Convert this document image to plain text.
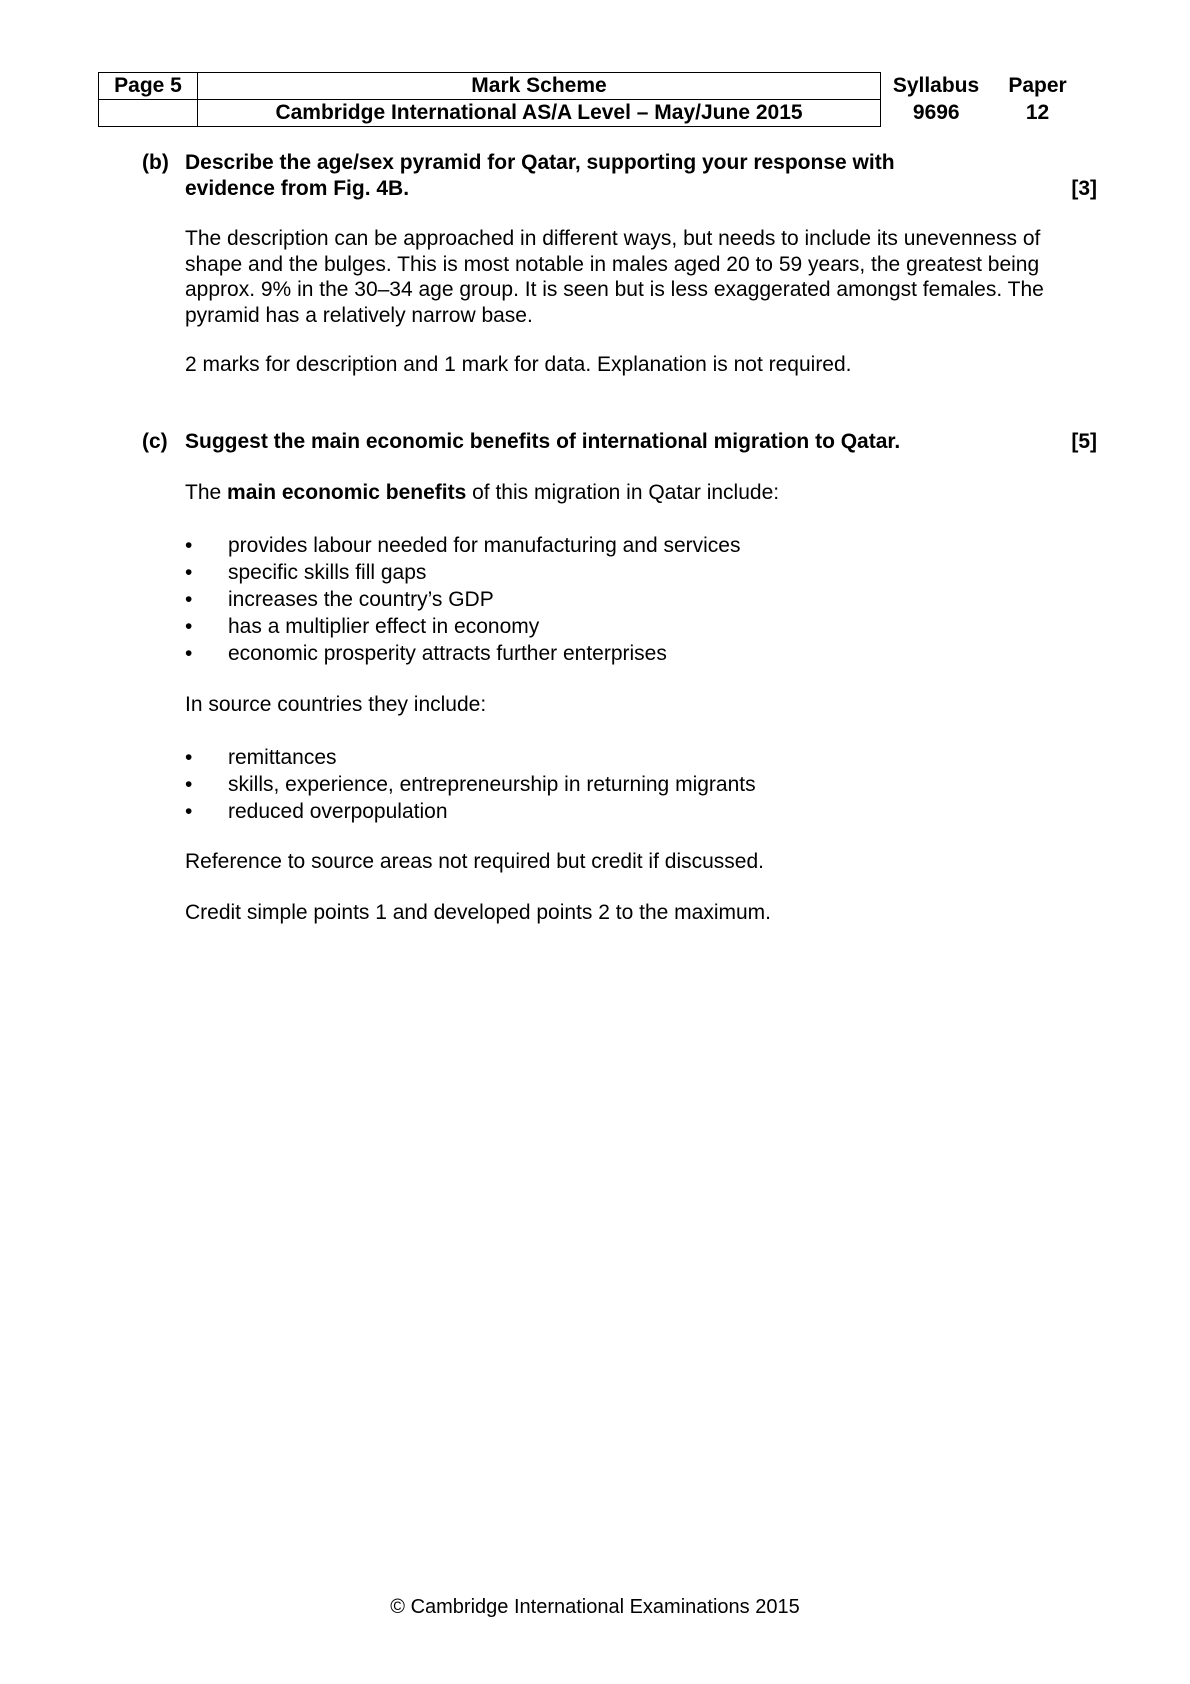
Page 5	Mark Scheme	Syllabus	Paper
	Cambridge International AS/A Level – May/June 2015	9696	12
(b) Describe the age/sex pyramid for Qatar, supporting your response with
evidence from Fig. 4B.	[3]
The description can be approached in different ways, but needs to include its unevenness of shape and the bulges. This is most notable in males aged 20 to 59 years, the greatest being approx. 9% in the 30–34 age group. It is seen but is less exaggerated amongst females. The pyramid has a relatively narrow base.
2 marks for description and 1 mark for data. Explanation is not required.
(c) Suggest the main economic benefits of international migration to Qatar.	[5]
The main economic benefits of this migration in Qatar include:
• provides labour needed for manufacturing and services
• specific skills fill gaps
• increases the country’s GDP
• has a multiplier effect in economy
• economic prosperity attracts further enterprises
In source countries they include:
• remittances
• skills, experience, entrepreneurship in returning migrants
• reduced overpopulation
Reference to source areas not required but credit if discussed.
Credit simple points 1 and developed points 2 to the maximum.
© Cambridge International Examinations 2015
